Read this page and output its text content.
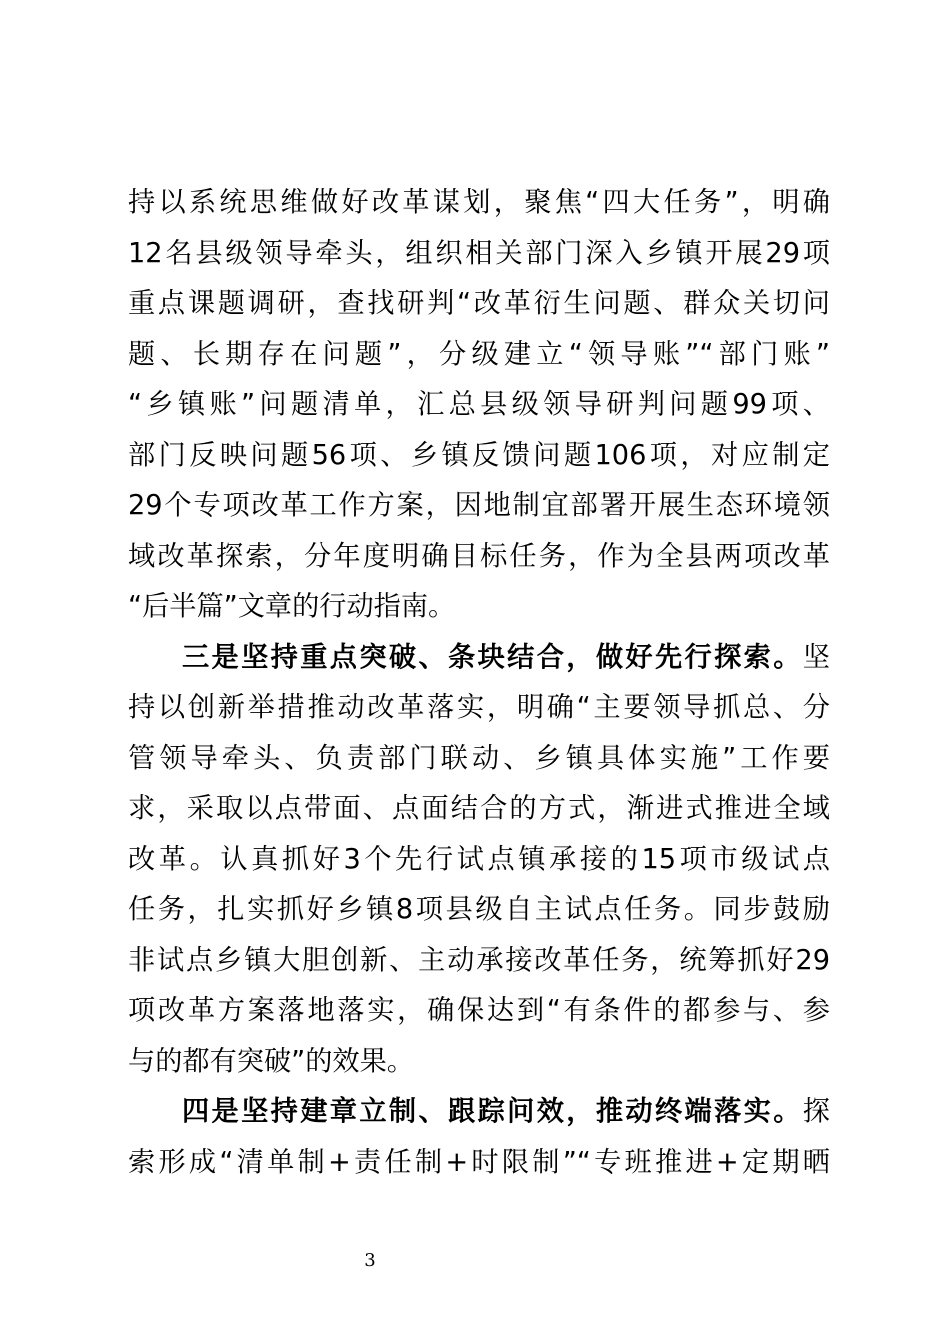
持以系统思维做好改革谋划，聚焦“四大任务”，明确
12名县级领导牵头，组织相关部门深入乡镇开展29项
重点课题调研，查找研判“改革衍生问题、群众关切问
题、长期存在问题”，分级建立“领导账”“部门账”
“乡镇账”问题清单，汇总县级领导研判问题99项、
部门反映问题56项、乡镇反馈问题106项，对应制定
29个专项改革工作方案，因地制宜部署开展生态环境领
域改革探索，分年度明确目标任务，作为全县两项改革
“后半篇”文章的行动指南。
三是坚持重点突破、条块结合，做好先行探索。坚
持以创新举措推动改革落实，明确“主要领导抓总、分
管领导牵头、负责部门联动、乡镇具体实施”工作要
求，采取以点带面、点面结合的方式，渐进式推进全域
改革。认真抓好3个先行试点镇承接的15项市级试点
任务，扎实抓好乡镇8项县级自主试点任务。同步鼓励
非试点乡镇大胆创新、主动承接改革任务，统筹抓好29
项改革方案落地落实，确保达到“有条件的都参与、参
与的都有突破”的效果。
四是坚持建章立制、跟踪问效，推动终端落实。探
索形成“清单制+责任制+时限制”“专班推进+定期晒
3
